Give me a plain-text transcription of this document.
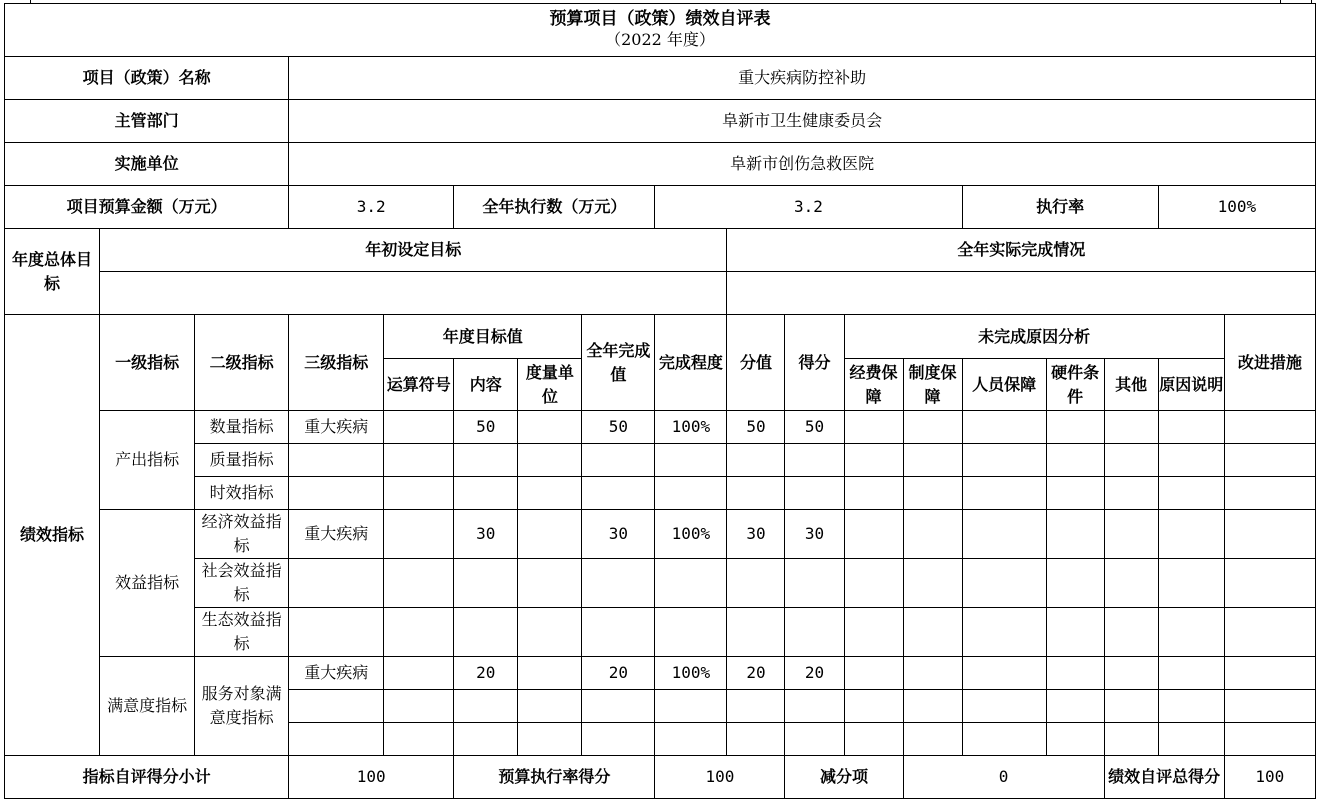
预算项目（政策）绩效自评表
（2022 年度）																	

项目（政策）名称			重大疾病防控补助														
主管部门			阜新市卫生健康委员会														
实施单位			阜新市创伤急救医院														
项目预算金额（万元）			3.2		全年执行数（万元）			3.2					执行率			100%	
年度总体目标	年初设定目标								全年实际完成情况								

绩效指标	一级指标	二级指标	三级指标	年度目标值			全年完成值	完成程度	分值	得分	未完成原因分析						改进措施
				运算符号	内容	度量单位					经费保障	制度保障	人员保障	硬件条件	其他	原因说明	
	产出指标	数量指标	重大疾病		50		50	100%	50	50							
		质量指标															
		时效指标															
	效益指标	经济效益指标	重大疾病		30		30	100%	30	30							
		社会效益指标															
		生态效益指标															
	满意度指标	服务对象满意度指标	重大疾病		20		20	100%	20	20							

指标自评得分小计			100		预算执行率得分			100		减分项		0			绩效自评总得分		100
